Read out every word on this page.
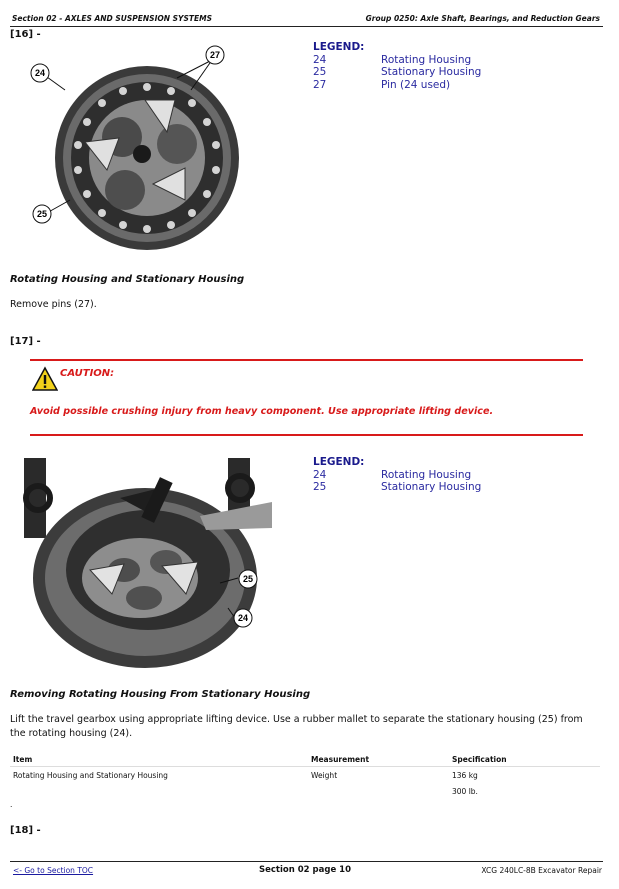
Section 02 - AXLES AND SUSPENSION SYSTEMS	Group 0250: Axle Shaft, Bearings, and Reduction Gears
[16] -
24
27
25
LEGEND:
24	Rotating Housing
25	Stationary Housing
27	Pin (24 used)
Rotating Housing and Stationary Housing
Remove pins (27).
[17] -
CAUTION:
Avoid possible crushing injury from heavy component. Use appropriate lifting device.
25
24
LEGEND:
24	Rotating Housing
25	Stationary Housing
Removing Rotating Housing From Stationary Housing
Lift the travel gearbox using appropriate lifting device. Use a rubber mallet to separate the stationary housing (25) from the rotating housing (24).
Item	Measurement	Specification
Rotating Housing and Stationary Housing	Weight	136 kg
300 lb.
.
[18] -
<- Go to Section TOC	Section 02 page 10	XCG 240LC-8B Excavator Repair
